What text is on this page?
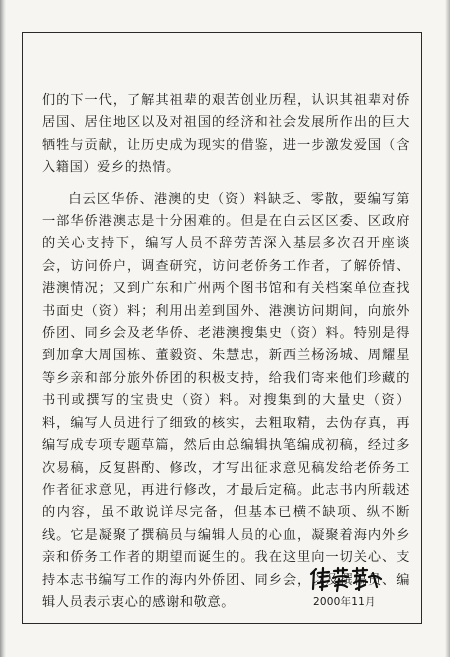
们的下一代，了解其祖辈的艰苦创业历程，认识其祖辈对侨居国、居住地区以及对祖国的经济和社会发展所作出的巨大牺牲与贡献，让历史成为现实的借鉴，进一步激发爱国（含入籍国）爱乡的热情。

白云区华侨、港澳的史（资）料缺乏、零散，要编写第一部华侨港澳志是十分困难的。但是在白云区区委、区政府的关心支持下，编写人员不辞劳苦深入基层多次召开座谈会，访问侨户，调查研究，访问老侨务工作者，了解侨情、港澳情况；又到广东和广州两个图书馆和有关档案单位查找书面史（资）料；利用出差到国外、港澳访问期间，向旅外侨团、同乡会及老华侨、老港澳搜集史（资）料。特别是得到加拿大周国栋、董毅资、朱慧忠，新西兰杨汤城、周耀星等乡亲和部分旅外侨团的积极支持，给我们寄来他们珍藏的书刊或撰写的宝贵史（资）料。对搜集到的大量史（资）料，编写人员进行了细致的核实，去粗取精，去伪存真，再编写成专项专题草篇，然后由总编辑执笔编成初稿，经过多次易稿，反复斟酌、修改，才写出征求意见稿发给老侨务工作者征求意见，再进行修改，才最后定稿。此志书内所载述的内容，虽不敢说详尽完备，但基本已横不缺项、纵不断线。它是凝聚了撰稿员与编辑人员的心血，凝聚着海内外乡亲和侨务工作者的期望而诞生的。我在这里向一切关心、支持本志书编写工作的海内外侨团、同乡会，以及撰稿员、编辑人员表示衷心的感谢和敬意。	2000年11月
